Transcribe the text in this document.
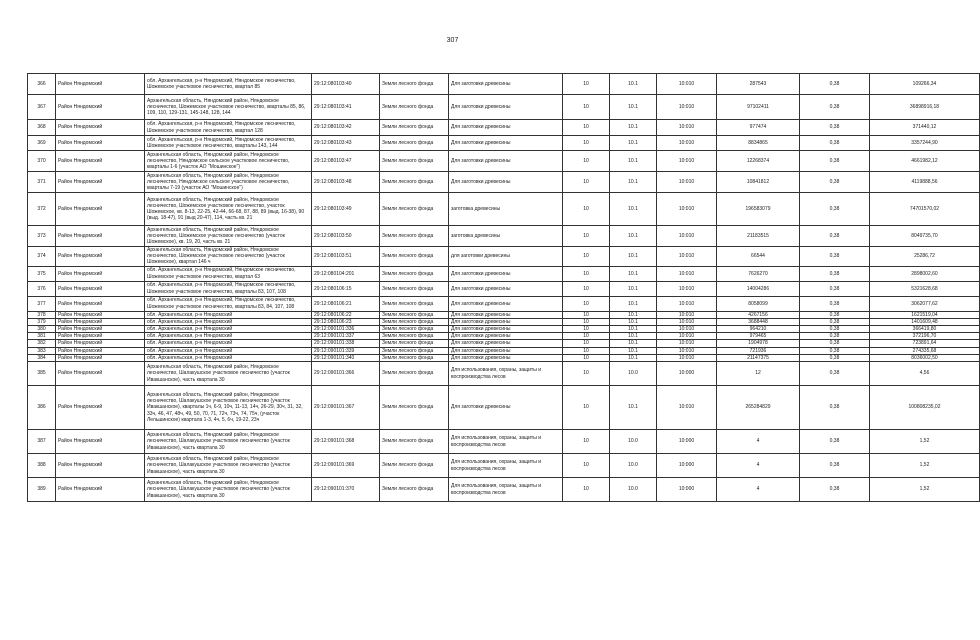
307
366	Район Няндомский	обл. Архангельская, р-н Няндомский, Няндомское лесничество, Шожемское участковое лесничество, квартал 85	29:12:080103:40	Земли лесного фонда	Для заготовки древесины	10	10.1	10:010	287543	0,38	109266,34
367	Район Няндомский	Архангельская область, Няндомский район, Няндомское лесничество, Шожемское участковое лесничество, кварталы 85, 86, 109, 110, 129-131, 145-148, 128, 144	29:12:080103:41	Земли лесного фонда	Для заготовки древесины	10	10.1	10:010	97102411	0,38	36898916,18
368	Район Няндомский	обл. Архангельская, р-н Няндомский, Няндомское лесничество, Шожемское участковое лесничество, квартал 128	29:12:080103:42	Земли лесного фонда	Для заготовки древесины	10	10.1	10:010	977474	0,38	371440,12
369	Район Няндомский	обл. Архангельская, р-н Няндомский, Няндомское лесничество, Шожемское участковое лесничество, кварталы 143, 144	29:12:080103:43	Земли лесного фонда	Для заготовки древесины	10	10.1	10:010	8834865	0,38	3357244,90
370	Район Няндомский	Архангельская область, Няндомский район, Няндомское лесничество, Няндомское сельское участковое лесничество, кварталы 1-6 (участок АО "Мошинское")	29:12:080103:47	Земли лесного фонда	Для заготовки древесины	10	10.1	10:010	12268374	0,38	4661982,12
371	Район Няндомский	Архангельская область, Няндомский район, Няндомское лесничество, Няндомское сельское участковое лесничество, кварталы 7-19 (участок АО "Мошинское")	29:12:080103:48	Земли лесного фонда	Для заготовки древесины	10	10.1	10:010	10841812	0,38	4119888,56
372	Район Няндомский	Архангельская область, Няндомский район, Няндомское лесничество, Шожемское участковое лесничество, участок Шожемское, кв. 8-13, 22-25, 42-44, 66-68, 87, 88, 89 (выд. 16-38), 90 (выд. 18-47), 91 (выд 20-47), 114, часть кв. 21	29:12:080103:49	Земли лесного фонда	заготовка древесины	10	10.1	10:010	196583079	0,38	74701570,02
373	Район Няндомский	Архангельская область, Няндомский район, Няндомское лесничество, Шожемское участковое лесничество (участок Шожемское), кв. 19, 20, часть кв. 21	29:12:080103:50	Земли лесного фонда	заготовка древесины	10	10.1	10:010	21183515	0,38	8049735,70
374	Район Няндомский	Архангельская область, Няндомский район, Няндомское лесничество, Шожемское участковое лесничество (участок Шожемское), квартал 146 ч	29:12:080103:51	Земли лесного фонда	для заготовки древесины	10	10.1	10:010	66544	0,38	25286,72
375	Район Няндомский	обл. Архангельская, р-н Няндомский, Няндомское лесничество, Шожемское участковое лесничество, квартал 63	29:12:080104:201	Земли лесного фонда	Для заготовки древесины	10	10.1	10:010	7626270	0,38	2898002,60
376	Район Няндомский	обл. Архангельская, р-н Няндомский, Няндомское лесничество, Шожемское участковое лесничество, кварталы 83, 107, 108	29:12:080106:15	Земли лесного фонда	Для заготовки древесины	10	10.1	10:010	14004286	0,38	5321628,68
377	Район Няндомский	обл. Архангельская, р-н Няндомский, Няндомское лесничество, Шожемское участковое лесничество, кварталы 83, 84, 107, 108	29:12:080106:21	Земли лесного фонда	Для заготовки древесины	10	10.1	10:010	8058099	0,38	3062077,62
378	Район Няндомский	обл. Архангельская, р-н Няндомский	29:12:080106:22	Земли лесного фонда	Для заготовки древесины	10	10.1	10:010	4267156	0,38	1621519,04
379	Район Няндомский	обл. Архангельская, р-н Няндомский	29:12:080106:23	Земли лесного фонда	Для заготовки древесины	10	10.1	10:010	3688448	0,38	1401609,48
380	Район Няндомский	обл. Архангельская, р-н Няндомский	29:12:090101:336	Земли лесного фонда	Для заготовки древесины	10	10.1	10:010	964210	0,38	366419,80
381	Район Няндомский	обл. Архангельская, р-н Няндомский	29:12:090101:337	Земли лесного фонда	Для заготовки древесины	10	10.1	10:010	979465	0,38	372196,70
382	Район Няндомский	обл. Архангельская, р-н Няндомский	29:12:090101:338	Земли лесного фонда	Для заготовки древесины	10	10.1	10:010	1904978	0,38	723891,64
383	Район Няндомский	обл. Архангельская, р-н Няндомский	29:12:090101:339	Земли лесного фонда	Для заготовки древесины	10	10.1	10:010	721936	0,38	274335,68
384	Район Няндомский	обл. Архангельская, р-н Няндомский	29:12:090101:340	Земли лесного фонда	Для заготовки древесины	10	10.1	10:010	21147375	0,38	8036002,50
385	Район Няндомский	Архангельская область, Няндомский район, Няндомское лесничество, Шалакушское участковое лесничество (участок Ивакшанское), часть квартала 30	29:12:090101:366	Земли лесного фонда	Для использования, охраны, защиты и воспроизводства лесов	10	10.0	10:000	12	0,38	4,56
386	Район Няндомский	Архангельская область, Няндомский район, Няндомское лесничество, Шалакушское участковое лесничество (участок Ивакшанское), кварталы 1ч, 6-9, 10ч, 11-13, 14ч, 26-29, 30ч, 31, 32, 33ч, 46, 47, 48ч, 49, 50, 70, 71, 72ч, 73ч, 74, 75ч, (участок Лельшинское) квартала 1-3, 4ч, 5, 6ч, 19-22, 23ч	29:12:090101:367	Земли лесного фонда	Для заготовки древесины	10	10.1	10:010	265284829	0,38	100808235,02
387	Район Няндомский	Архангельская область, Няндомский район, Няндомское лесничество, Шалакушское участковое лесничество (участок Ивакшанское), часть квартала 30	29:12:090101:368	Земли лесного фонда	Для использования, охраны, защиты и воспроизводства лесов	10	10.0	10:000	4	0,38	1,52
388	Район Няндомский	Архангельская область, Няндомский район, Няндомское лесничество, Шалакушское участковое лесничество (участок Ивакшанское), часть квартала 30	29:12:090101:369	Земли лесного фонда	Для использования, охраны, защиты и воспроизводства лесов	10	10.0	10:000	4	0,38	1,52
389	Район Няндомский	Архангельская область, Няндомский район, Няндомское лесничество, Шалакушское участковое лесничество (участок Ивакшанское), часть квартала 30	29:12:090101:370	Земли лесного фонда	Для использования, охраны, защиты и воспроизводства лесов	10	10.0	10:000	4	0,38	1,52
